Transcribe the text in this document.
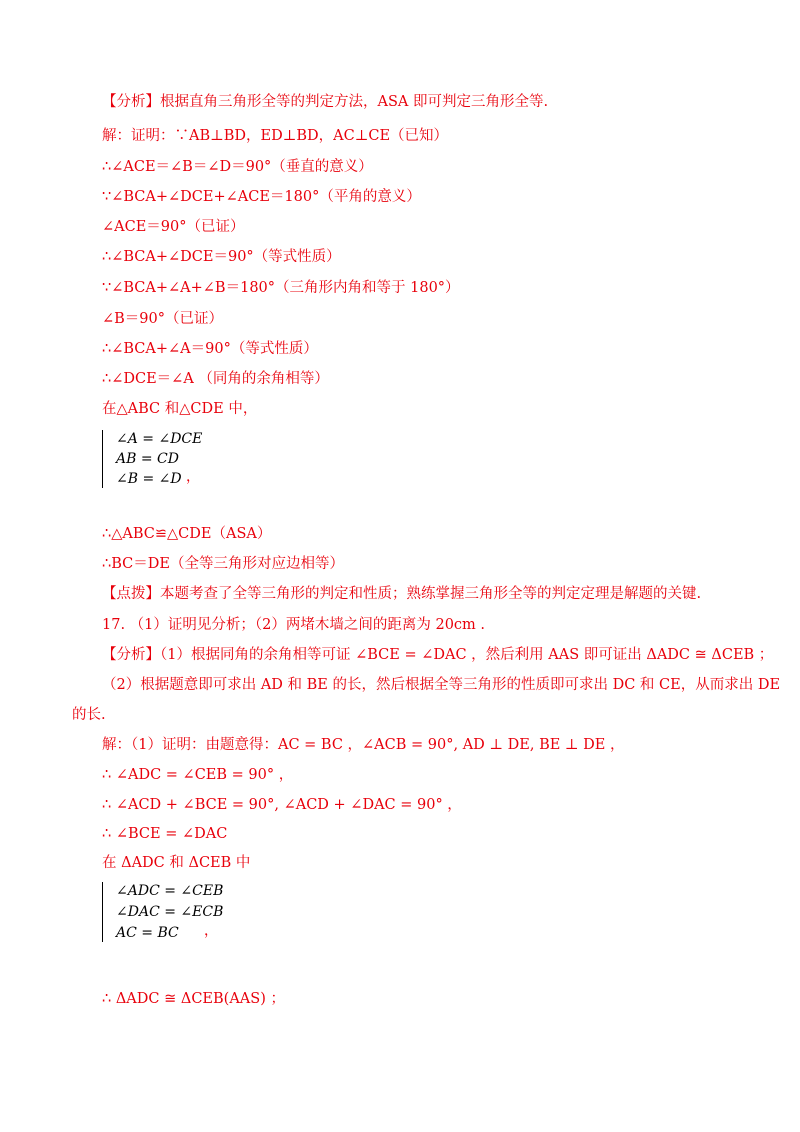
【分析】根据直角三角形全等的判定方法，ASA 即可判定三角形全等.
解：证明：∵AB⊥BD，ED⊥BD，AC⊥CE（已知）
∴∠ACE＝∠B＝∠D＝90°（垂直的意义）
∵∠BCA+∠DCE+∠ACE＝180°（平角的意义）
∠ACE＝90°（已证）
∴∠BCA+∠DCE＝90°（等式性质）
∵∠BCA+∠A+∠B＝180°（三角形内角和等于 180°）
∠B＝90°（已证）
∴∠BCA+∠A＝90°（等式性质）
∴∠DCE＝∠A （同角的余角相等）
在△ABC 和△CDE 中，
∠A = ∠DCE
AB = CD
∠B = ∠D ，
∴△ABC≌△CDE（ASA）
∴BC＝DE（全等三角形对应边相等）
【点拨】本题考查了全等三角形的判定和性质；熟练掌握三角形全等的判定定理是解题的关键.
17. （1）证明见分析；（2）两堵木墙之间的距离为 20cm .
【分析】（1）根据同角的余角相等可证 ∠BCE = ∠DAC ，然后利用 AAS 即可证出 ΔADC ≅ ΔCEB ；
（2）根据题意即可求出 AD 和 BE 的长，然后根据全等三角形的性质即可求出 DC 和 CE，从而求出 DE
的长.
解：（1）证明：由题意得：AC = BC ，∠ACB = 90°, AD ⊥ DE, BE ⊥ DE ，
∴ ∠ADC = ∠CEB = 90° ，
∴ ∠ACD + ∠BCE = 90°, ∠ACD + ∠DAC = 90° ，
∴ ∠BCE = ∠DAC
在 ΔADC 和 ΔCEB 中
∠ADC = ∠CEB
∠DAC = ∠ECB
AC = BC ，
∴ ΔADC ≅ ΔCEB(AAS) ；
